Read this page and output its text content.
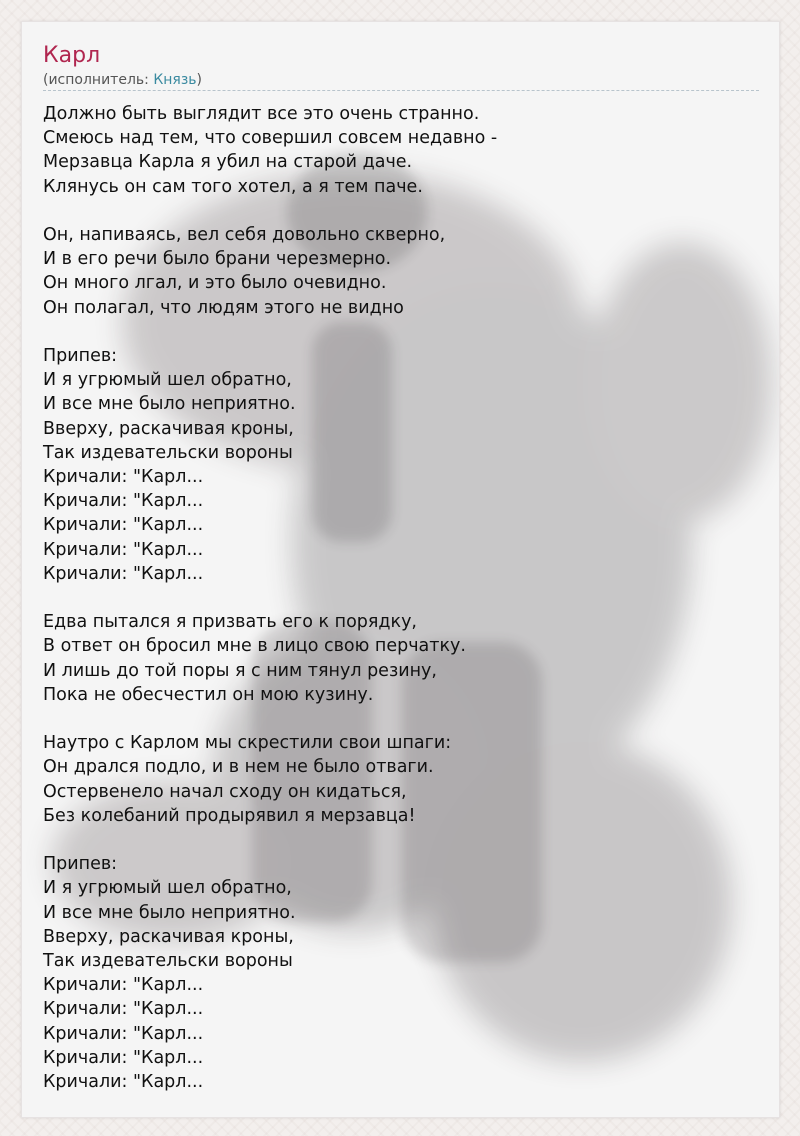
Карл
(исполнитель: Князь)
Должно быть выглядит все это очень странно.
Смеюсь над тем, что совершил совсем недавно -
Мерзавца Карла я убил на старой даче.
Клянусь он сам того хотел, а я тем паче.
Он, напиваясь, вел себя довольно скверно,
И в его речи было брани черезмерно.
Он много лгал, и это было очевидно.
Он полагал, что людям этого не видно
Припев:
И я угрюмый шел обратно,
И все мне было неприятно.
Вверху, раскачивая кроны,
Так издевательски вороны
Кричали: "Карл...
Кричали: "Карл...
Кричали: "Карл...
Кричали: "Карл...
Кричали: "Карл...
Едва пытался я призвать его к порядку,
В ответ он бросил мне в лицо свою перчатку.
И лишь до той поры я с ним тянул резину,
Пока не обесчестил он мою кузину.
Наутро с Карлом мы скрестили свои шпаги:
Он дрался подло, и в нем не было отваги.
Остервенело начал сходу он кидаться,
Без колебаний продырявил я мерзавца!
Припев:
И я угрюмый шел обратно,
И все мне было неприятно.
Вверху, раскачивая кроны,
Так издевательски вороны
Кричали: "Карл...
Кричали: "Карл...
Кричали: "Карл...
Кричали: "Карл...
Кричали: "Карл...
